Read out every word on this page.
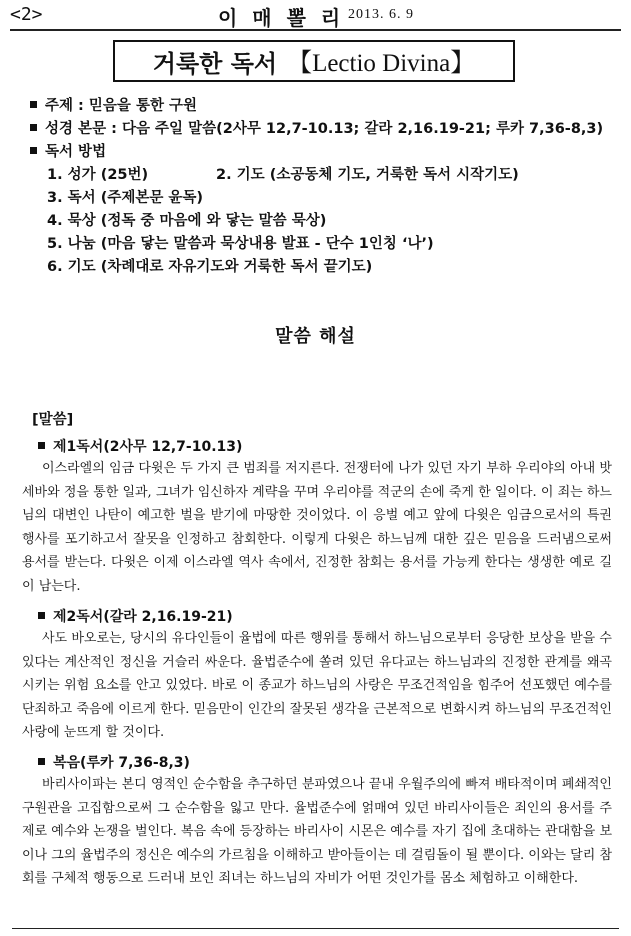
<2>	이 매 뽈 리 2013. 6. 9
거룩한 독서 【Lectio Divina】
주제 : 믿음을 통한 구원
성경 본문 : 다음 주일 말씀(2사무 12,7-10.13; 갈라 2,16.19-21; 루카 7,36-8,3)
독서 방법
1. 성가 (25번)	2. 기도 (소공동체 기도, 거룩한 독서 시작기도)
3. 독서 (주제본문 윤독)
4. 묵상 (정독 중 마음에 와 닿는 말씀 묵상)
5. 나눔 (마음 닿는 말씀과 묵상내용 발표 - 단수 1인칭 ‘나’)
6. 기도 (차례대로 자유기도와 거룩한 독서 끝기도)
말씀 해설
[말씀]
제1독서(2사무 12,7-10.13)

이스라엘의 임금 다윗은 두 가지 큰 범죄를 저지른다. 전쟁터에 나가 있던 자기 부하 우리야의 아내 밧세바와 정을 통한 일과, 그녀가 임신하자 계략을 꾸며 우리야를 적군의 손에 죽게 한 일이다. 이 죄는 하느님의 대변인 나탄이 예고한 벌을 받기에 마땅한 것이었다. 이 응벌 예고 앞에 다윗은 임금으로서의 특권 행사를 포기하고서 잘못을 인정하고 참회한다. 이렇게 다윗은 하느님께 대한 깊은 믿음을 드러냄으로써 용서를 받는다. 다윗은 이제 이스라엘 역사 속에서, 진정한 참회는 용서를 가능케 한다는 생생한 예로 길이 남는다.

제2독서(갈라 2,16.19-21)

사도 바오로는, 당시의 유다인들이 율법에 따른 행위를 통해서 하느님으로부터 응당한 보상을 받을 수 있다는 계산적인 정신을 거슬러 싸운다. 율법준수에 쏠려 있던 유다교는 하느님과의 진정한 관계를 왜곡시키는 위험 요소를 안고 있었다. 바로 이 종교가 하느님의 사랑은 무조건적임을 힘주어 선포했던 예수를 단죄하고 죽음에 이르게 한다. 믿음만이 인간의 잘못된 생각을 근본적으로 변화시켜 하느님의 무조건적인 사랑에 눈뜨게 할 것이다.

복음(루카 7,36-8,3)

바리사이파는 본디 영적인 순수함을 추구하던 분파였으나 끝내 우월주의에 빠져 배타적이며 폐쇄적인 구원관을 고집함으로써 그 순수함을 잃고 만다. 율법준수에 얽매여 있던 바리사이들은 죄인의 용서를 주제로 예수와 논쟁을 벌인다. 복음 속에 등장하는 바리사이 시몬은 예수를 자기 집에 초대하는 관대함을 보이나 그의 율법주의 정신은 예수의 가르침을 이해하고 받아들이는 데 걸림돌이 될 뿐이다. 이와는 달리 참회를 구체적 행동으로 드러내 보인 죄녀는 하느님의 자비가 어떤 것인가를 몸소 체험하고 이해한다.
